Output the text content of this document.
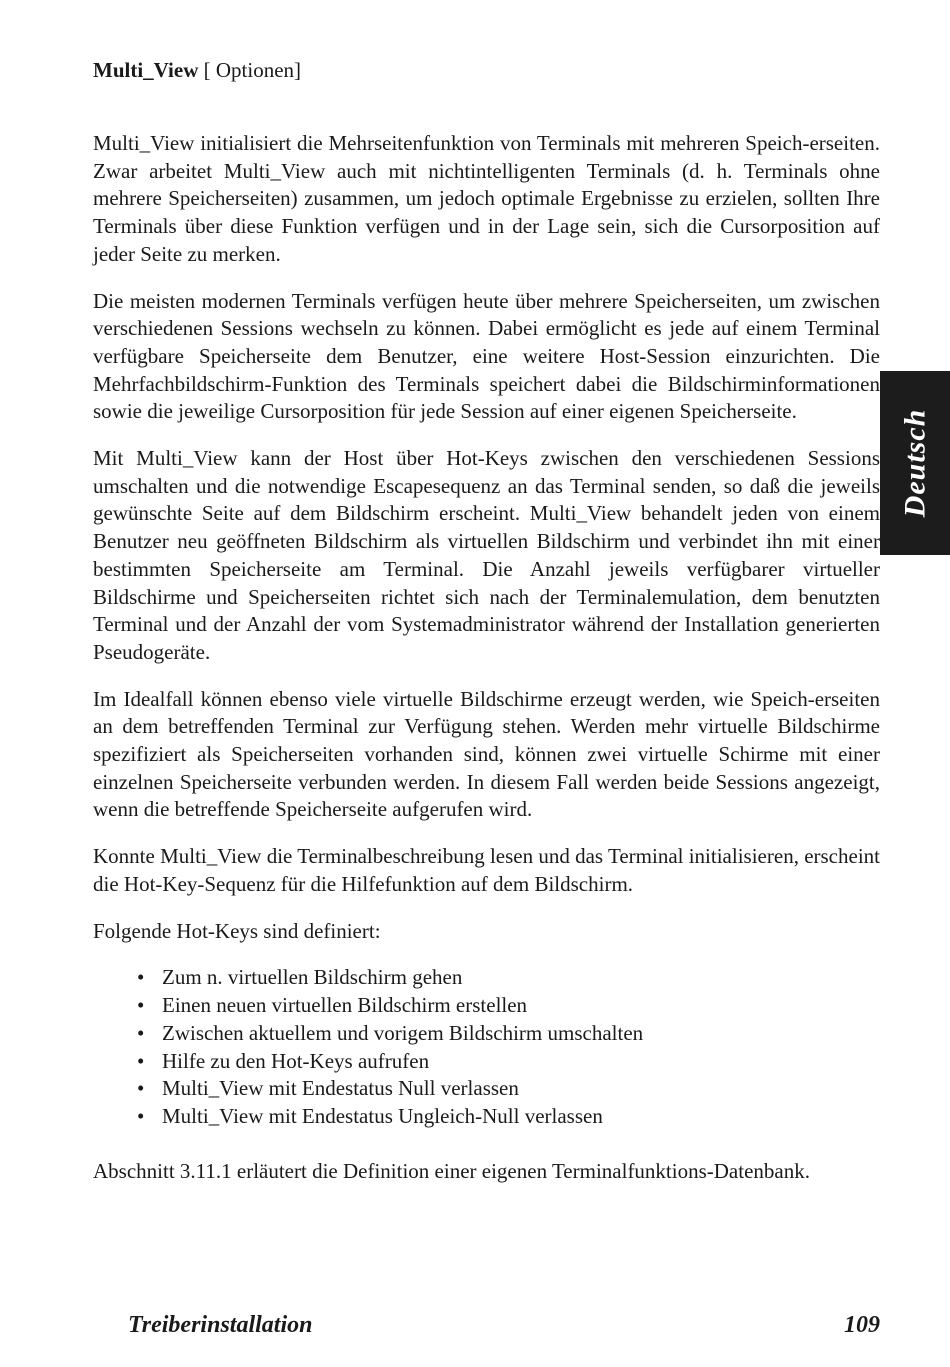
Multi_View [ Optionen]
Deutsch

Multi_View initialisiert die Mehrseitenfunktion von Terminals mit mehreren Speich-erseiten. Zwar arbeitet Multi_View auch mit nichtintelligenten Terminals (d. h. Terminals ohne mehrere Speicherseiten) zusammen, um jedoch optimale Ergebnisse zu erzielen, sollten Ihre Terminals über diese Funktion verfügen und in der Lage sein, sich die Cursorposition auf jeder Seite zu merken.

Die meisten modernen Terminals verfügen heute über mehrere Speicherseiten, um zwischen verschiedenen Sessions wechseln zu können. Dabei ermöglicht es jede auf einem Terminal verfügbare Speicherseite dem Benutzer, eine weitere Host-Session einzurichten. Die Mehrfachbildschirm-Funktion des Terminals speichert dabei die Bildschirminformationen sowie die jeweilige Cursorposition für jede Session auf einer eigenen Speicherseite.

Mit Multi_View kann der Host über Hot-Keys zwischen den verschiedenen Sessions umschalten und die notwendige Escapesequenz an das Terminal senden, so daß die jeweils gewünschte Seite auf dem Bildschirm erscheint. Multi_View behandelt jeden von einem Benutzer neu geöffneten Bildschirm als virtuellen Bildschirm und verbindet ihn mit einer bestimmten Speicherseite am Terminal. Die Anzahl jeweils verfügbarer virtueller Bildschirme und Speicherseiten richtet sich nach der Terminalemulation, dem benutzten Terminal und der Anzahl der vom Systemadministrator während der Installation generierten Pseudogeräte.

Im Idealfall können ebenso viele virtuelle Bildschirme erzeugt werden, wie Speich-erseiten an dem betreffenden Terminal zur Verfügung stehen. Werden mehr virtuelle Bildschirme spezifiziert als Speicherseiten vorhanden sind, können zwei virtuelle Schirme mit einer einzelnen Speicherseite verbunden werden. In diesem Fall werden beide Sessions angezeigt, wenn die betreffende Speicherseite aufgerufen wird.

Konnte Multi_View die Terminalbeschreibung lesen und das Terminal initialisieren, erscheint die Hot-Key-Sequenz für die Hilfefunktion auf dem Bildschirm.

Folgende Hot-Keys sind definiert:

• Zum n. virtuellen Bildschirm gehen
• Einen neuen virtuellen Bildschirm erstellen
• Zwischen aktuellem und vorigem Bildschirm umschalten
• Hilfe zu den Hot-Keys aufrufen
• Multi_View mit Endestatus Null verlassen
• Multi_View mit Endestatus Ungleich-Null verlassen

Abschnitt 3.11.1 erläutert die Definition einer eigenen Terminalfunktions-Datenbank.

Treiberinstallation	109
